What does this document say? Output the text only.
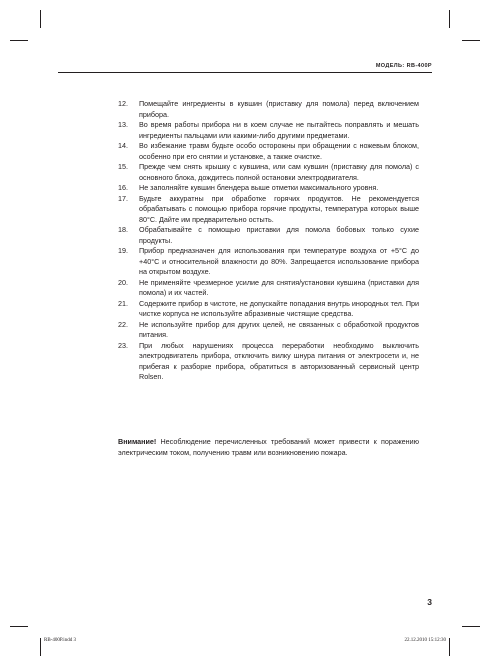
МОДЕЛЬ: RB-400P
12.	Помещайте ингредиенты в кувшин (приставку для помола) перед включением прибора.
13.	Во время работы прибора ни в коем случае не пытайтесь поправлять и мешать ингредиенты пальцами или какими-либо другими предметами.
14.	Во избежание травм будьте особо осторожны при обращении с ножевым блоком, особенно при его снятии и установке, а также очистке.
15.	Прежде чем снять крышку с кувшина, или сам кувшин (приставку для помола) с основного блока, дождитесь полной остановки электродвигателя.
16.	Не заполняйте кувшин блендера выше отметки максимального уровня.
17.	Будьте аккуратны при обработке горячих продуктов. Не рекомендуется обрабатывать с помощью прибора горячие продукты, температура которых выше 80°С. Дайте им предварительно остыть.
18.	Обрабатывайте с помощью приставки для помола бобовых только сухие продукты.
19.	Прибор предназначен для использования при температуре воздуха от +5°С до +40°С и относительной влажности до 80%. Запрещается использование прибора на открытом воздухе.
20.	Не применяйте чрезмерное усилие для снятия/установки кувшина (приставки для помола) и их частей.
21.	Содержите прибор в чистоте, не допускайте попадания внутрь инородных тел. При чистке корпуса не используйте абразивные чистящие средства.
22.	Не используйте прибор для других целей, не связанных с обработкой продуктов питания.
23.	При любых нарушениях процесса переработки необходимо выключить электродвигатель прибора, отключить вилку шнура питания от электросети и, не прибегая к разборке прибора, обратиться в авторизованный сервисный центр Rolsen.
Внимание! Несоблюдение перечисленных требований может привести к поражению электрическим током, получению травм или возникновению пожара.
3
RB-400P.indd 3	22.12.2010 15:12:30
